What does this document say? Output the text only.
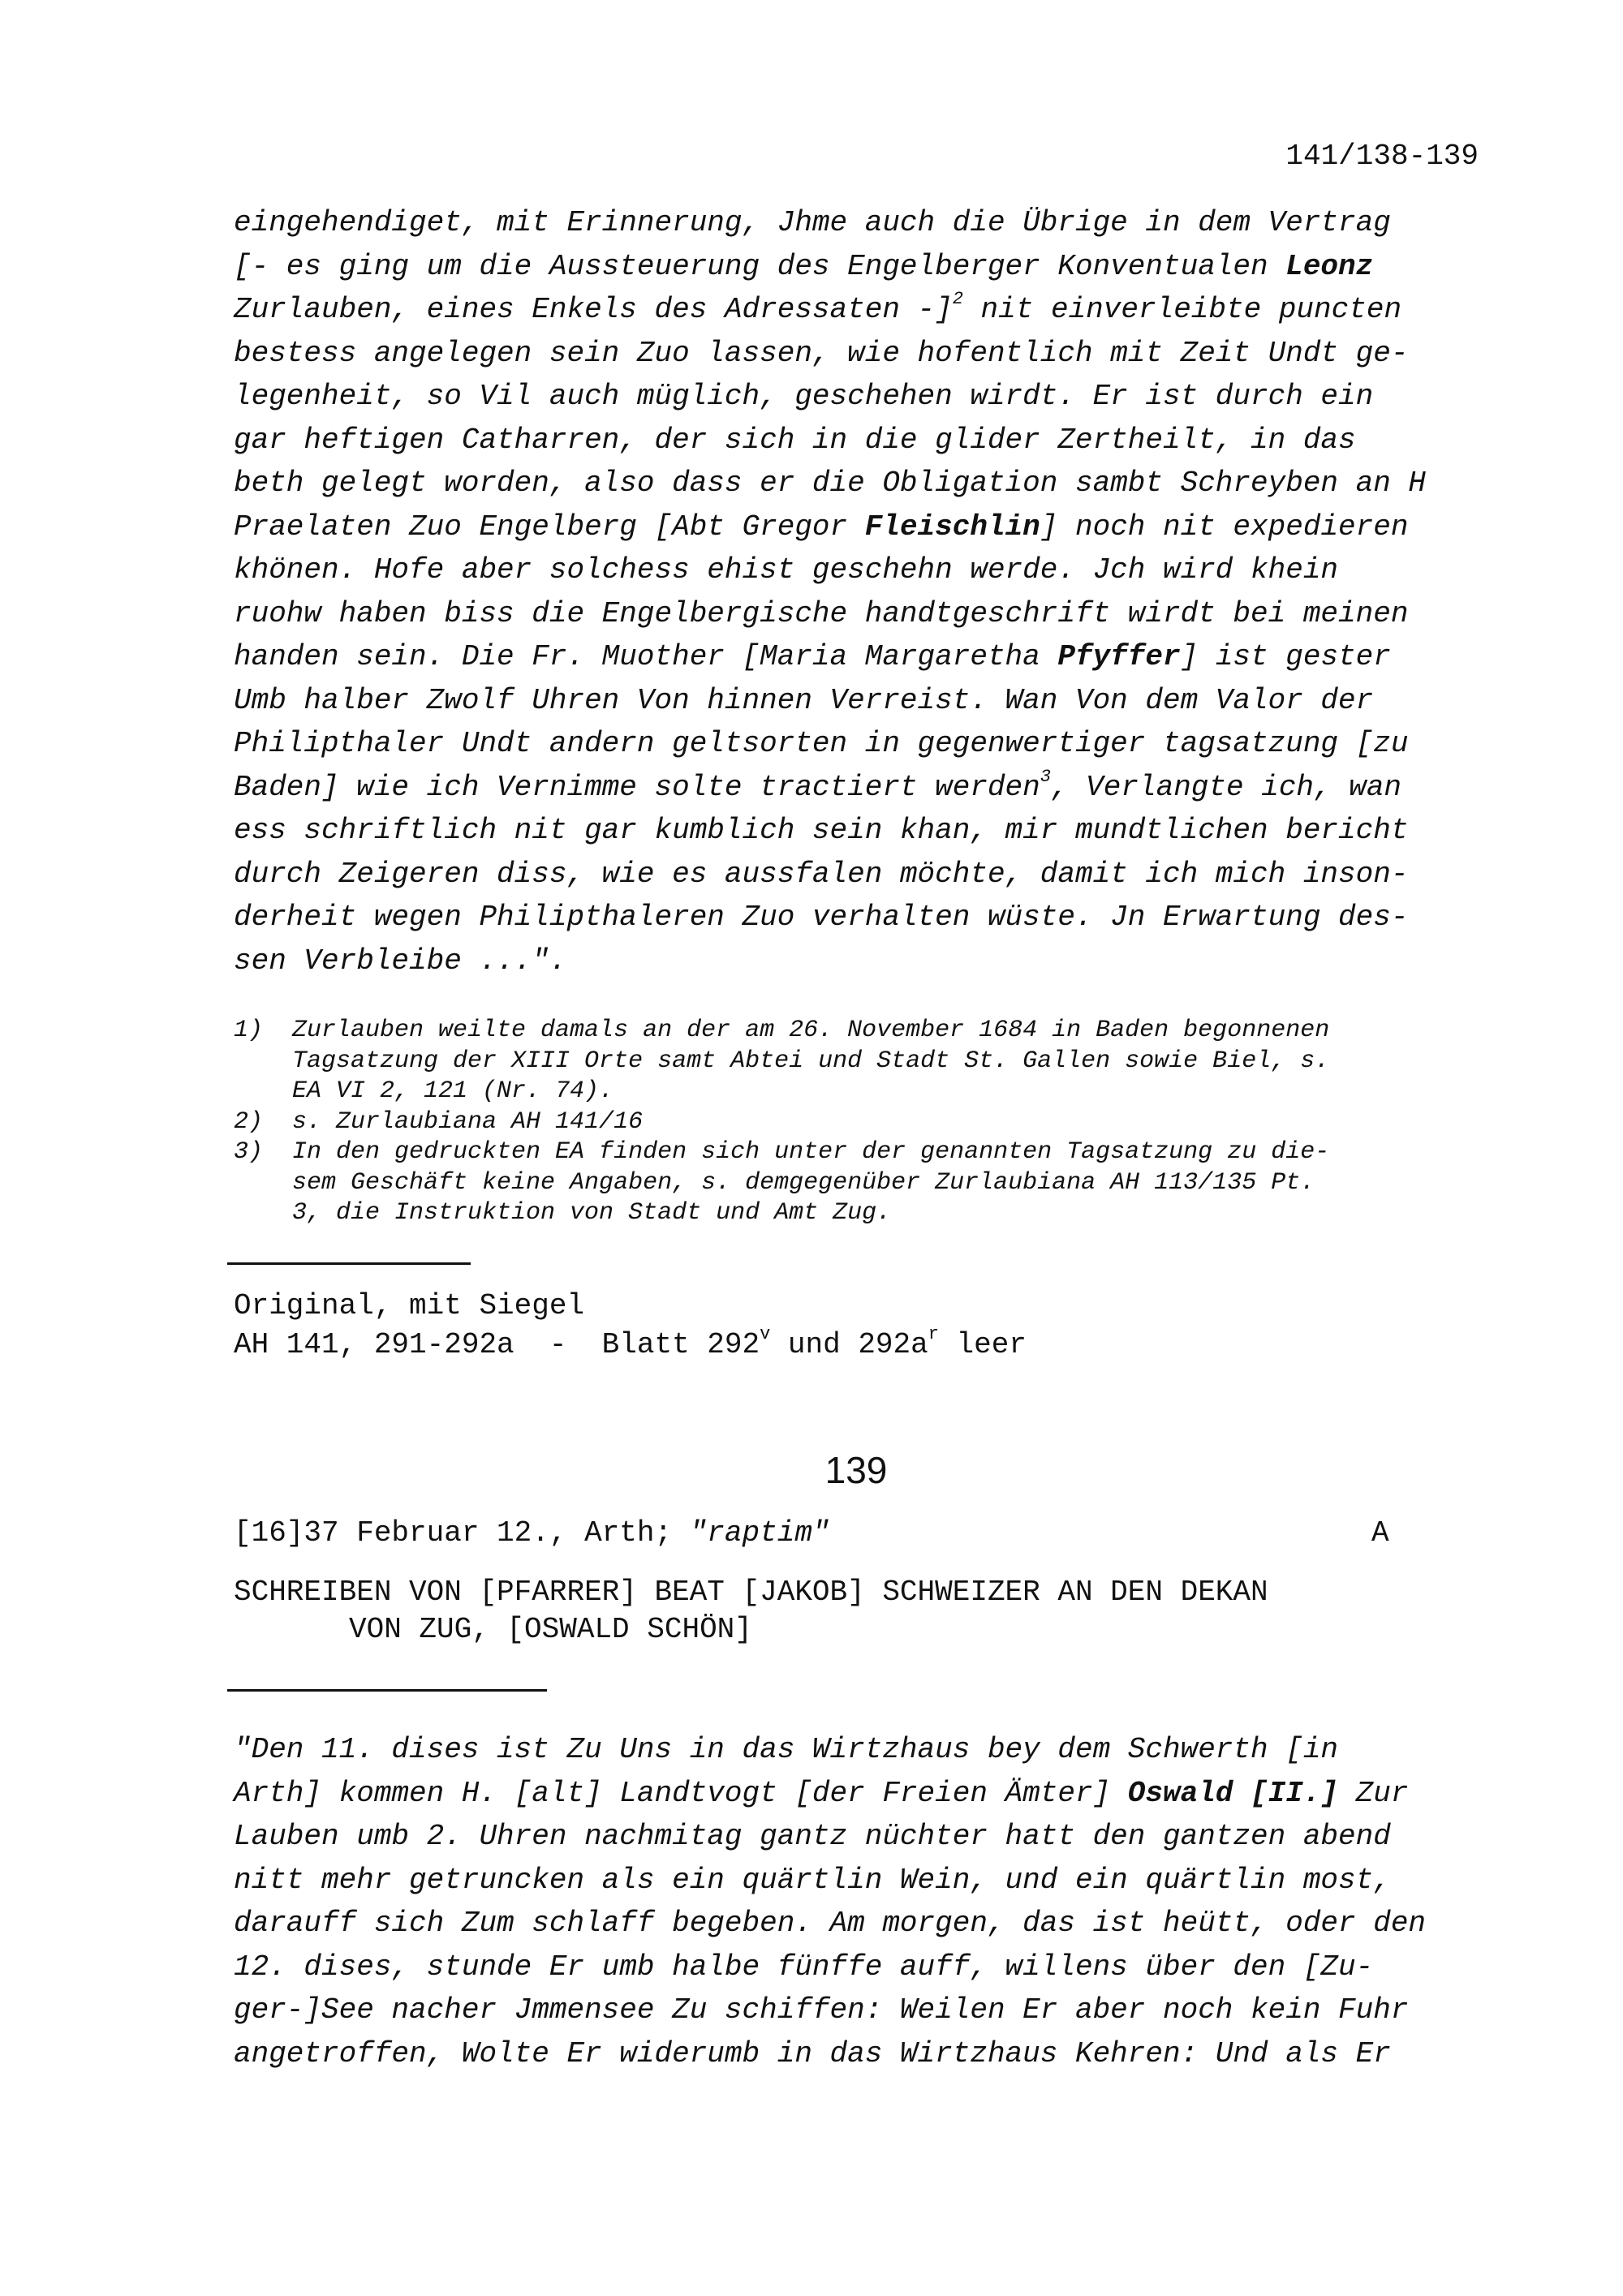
141/138-139
eingehendiget, mit Erinnerung, Jhme auch die Übrige in dem Vertrag
[- es ging um die Aussteuerung des Engelberger Konventualen Leonz
Zurlauben, eines Enkels des Adressaten -]$^2$ nit einverleibte puncten
bestess angelegen sein Zuo lassen, wie hofentlich mit Zeit Undt ge-
legenheit, so Vil auch müglich, geschehen wirdt. Er ist durch ein
gar heftigen Catharren, der sich in die glider Zertheilt, in das
beth gelegt worden, also dass er die Obligation sambt Schreyben an H
Praelaten Zuo Engelberg [Abt Gregor Fleischlin] noch nit expedieren
khönen. Hofe aber solchess ehist geschehn werde. Jch wird khein
ruohw haben biss die Engelbergische handtgeschrift wirdt bei meinen
handen sein. Die Fr. Muother [Maria Margaretha Pfyffer] ist gester
Umb halber Zwolf Uhren Von hinnen Verreist. Wan Von dem Valor der
Philipthaler Undt andern geltsorten in gegenwertiger tagsatzung [zu
Baden] wie ich Vernimme solte tractiert werden$^3$, Verlangte ich, wan
ess schriftlich nit gar kumblich sein khan, mir mundtlichen bericht
durch Zeigeren diss, wie es aussfalen möchte, damit ich mich inson-
derheit wegen Philipthaleren Zuo verhalten wüste. Jn Erwartung des-
sen Verbleibe ...".
1)	Zurlauben weilte damals an der am 26. November 1684 in Baden begonnenen
Tagsatzung der XIII Orte samt Abtei und Stadt St. Gallen sowie Biel, s.
EA VI 2, 121 (Nr. 74).
2)	s. Zurlaubiana AH 141/16
3)	In den gedruckten EA finden sich unter der genannten Tagsatzung zu die-
sem Geschäft keine Angaben, s. demgegenüber Zurlaubiana AH 113/135 Pt.
3, die Instruktion von Stadt und Amt Zug.
Original, mit Siegel
AH 141, 291-292a  -  Blatt 292$^v$ und $292a^r$ leer
139
[16]37 Februar 12., Arth; "raptim"	A
SCHREIBEN VON [PFARRER] BEAT [JAKOB] SCHWEIZER AN DEN DEKAN
VON ZUG, [OSWALD SCHÖN]
"Den 11. dises ist Zu Uns in das Wirtzhaus bey dem Schwerth [in
Arth] kommen H. [alt] Landtvogt [der Freien Ämter] Oswald [II.] Zur
Lauben umb 2. Uhren nachmitag gantz nüchter hatt den gantzen abend
nitt mehr getruncken als ein quärtlin Wein, und ein quärtlin most,
darauff sich Zum schlaff begeben. Am morgen, das ist heütt, oder den
12. dises, stunde Er umb halbe fünffe auff, willens über den [Zu-
ger-]See nacher Jmmensee Zu schiffen: Weilen Er aber noch kein Fuhr
angetroffen, Wolte Er widerumb in das Wirtzhaus Kehren: Und als Er
